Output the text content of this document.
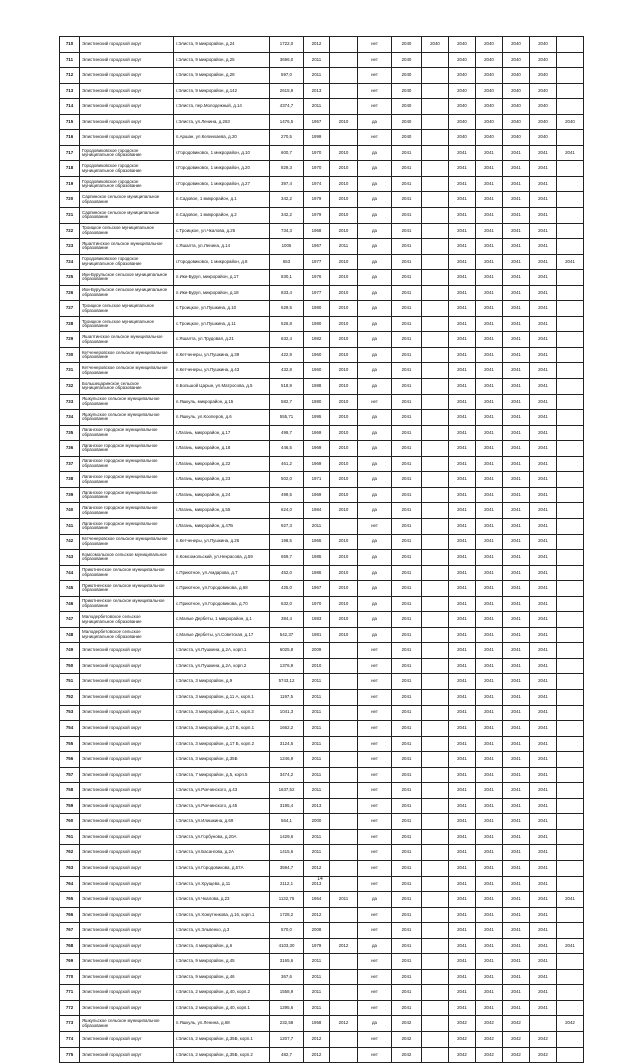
710	Элистинский городской округ	г.Элиста, 9 микрорайон, д.24	1722,0	2012		нет	2040	2040	2040	2040	2040	2040	
711	Элистинский городской округ	г.Элиста, 9 микрорайон, д.25	3696,0	2011		нет	2040		2040	2040	2040	2040	
712	Элистинский городской округ	г.Элиста, 9 микрорайон, д.28	597,0	2011		нет	2040		2040	2040	2040	2040	
713	Элистинский городской округ	г.Элиста, 9 микрорайон, д.142	2615,9	2013		нет	2040		2040	2040	2040	2040	
714	Элистинский городской округ	г.Элиста, пер.Молодежный, д.14	4374,7	2011		нет	2040		2040	2040	2040	2040	
715	Элистинский городской округ	г.Элиста, ул.Ленина, д.263	1476,5	1957	2010	да	2040		2040	2040	2040	2040	2040
716	Элистинский городской округ	п.Аршан, ул.Келинхаева, д.20	270,5	1999		нет	2040		2040	2040	2040	2040	
717	Городовиковское городское муниципальное образование	г.Городовиковск, 1 микрорайон, д.10	600,7	1970	2010	да	2041		2041	2041	2041	2041	2041
718	Городовиковское городское муниципальное образование	г.Городовиковск, 1 микрорайон, д.20	829,3	1970	2010	да	2041		2041	2041	2041	2041	
719	Городовиковское городское муниципальное образование	г.Городовиковск, 1 микрорайон, д.27	397,4	1974	2010	да	2041		2041	2041	2041	2041	
720	Сарпинское сельское муниципальное образование	п.Садовое, 1 микрорайон, д.1	342,2	1979	2010	да	2041		2041	2041	2041	2041	
721	Сарпинское сельское муниципальное образование	п.Садовое, 1 микрорайон, д.2	342,2	1979	2010	да	2041		2041	2041	2041	2041	
722	Троицкое сельское муниципальное образование	с.Троицкое, ул.Чкалова, д.25	734,3	1968	2010	да	2041		2041	2041	2041	2041	
723	Яшалтинское сельское муниципальное образование	с.Яшалта, ул.Ленина, д.14	1005	1967	2011	да	2041		2041	2041	2041	2041	
724	Городовиковское городское муниципальное образование	г.Городовиковск, 1 микрорайон, д.8	653	1977	2010	да	2041		2041	2041	2041	2041	2041
725	Ики-Бурульское сельское муниципальное образование	п.Ики-Бурул, микрорайон, д.17	830,1	1976	2010	да	2041		2041	2041	2041	2041	
726	Ики-Бурульское сельское муниципальное образование	п.Ики-Бурул, микрорайон, д.18	833,4	1977	2010	да	2041		2041	2041	2041	2041	
727	Троицкое сельское муниципальное образование	с.Троицкое, ул.Пушкина, д.10	629,5	1980	2010	да	2041		2041	2041	2041	2041	
728	Троицкое сельское муниципальное образование	с.Троицкое, ул.Пушкина, д.11	526,8	1980	2010	да	2041		2041	2041	2041	2041	
729	Яшалтинское сельское муниципальное образование	с.Яшалта, ул.Трудовая, д.21	632,4	1982	2010	да	2041		2041	2041	2041	2041	
730	Кетченеровское сельское муниципальное образование	п.Кетченеры, ул.Пушкина, д.39	422,9	1960	2010	да	2041		2041	2041	2041	2041	
731	Кетченеровское сельское муниципальное образование	п.Кетченеры, ул.Пушкина, д.43	432,8	1960	2010	да	2041		2041	2041	2041	2041	
732	Большецаринское сельское муниципальное образование	п.Большой Царын, ул.Матросова, д.5	518,9	1988	2010	да	2041		2041	2041	2041	2041	
733	Яшкульское сельское муниципальное образование	п.Яшкуль, микрорайон, д.15	582,7	1980	2010	нет	2041		2041	2041	2041	2041	
734	Яшкульское сельское муниципальное образование	п.Яшкуль, ул.Кооперов, д.6	555,71	1995	2010	да	2041		2041	2041	2041	2041	
735	Лаганское городское муниципальное образование	г.Лагань, микрорайон, д.17	499,7	1969	2010	да	2041		2041	2041	2041	2041	
736	Лаганское городское муниципальное образование	г.Лагань, микрорайон, д.18	446,5	1969	2010	да	2041		2041	2041	2041	2041	
737	Лаганское городское муниципальное образование	г.Лагань, микрорайон, д.22	461,2	1969	2010	да	2041		2041	2041	2041	2041	
738	Лаганское городское муниципальное образование	г.Лагань, микрорайон, д.23	502,0	1971	2010	да	2041		2041	2041	2041	2041	
739	Лаганское городское муниципальное образование	г.Лагань, микрорайон, д.24	499,5	1969	2010	да	2041		2041	2041	2041	2041	
740	Лаганское городское муниципальное образование	г.Лагань, микрорайон, д.55	624,0	1984	2010	да	2041		2041	2041	2041	2041	
741	Лаганское городское муниципальное образование	г.Лагань, микрорайон, д.47Б	927,3	2011		нет	2041		2041	2041	2041	2041	
742	Кетченеровское сельское муниципальное образование	п.Кетченеры, ул.Пушкина, д.26	198,5	1965	2010	да	2041		2041	2041	2041	2041	
743	Комсомольское сельское муниципальное образование	п.Комсомольский, ул.Некрасова, д.59	659,7	1985	2010	да	2041		2041	2041	2041	2041	
744	Приютненское сельское муниципальное образование	с.Приютное, ул.Амдарова, д.7	452,0	1986	2010	да	2041		2041	2041	2041	2041	
745	Приютненское сельское муниципальное образование	с.Приютное, ул.Городовикова, д.68	425,0	1967	2010	да	2041		2041	2041	2041	2041	
746	Приютненское сельское муниципальное образование	с.Приютное, ул.Городовикова, д.70	632,0	1970	2010	да	2041		2041	2041	2041	2041	
747	Малодербетовское сельское муниципальное образование	с.Малые Дербеты, 1 микрорайон, д.1	384,4	1983	2010	да	2041		2041	2041	2041	2041	
748	Малодербетовское сельское муниципальное образование	с.Малые Дербеты, ул.Советская, д.17	542,37	1981	2010	да	2041		2041	2041	2041	2041	
749	Элистинский городской округ	г.Элиста, ул.Пушкина, д.2А, корп.1	6025,8	2009		нет	2041		2041	2041	2041	2041	
750	Элистинский городской округ	г.Элиста, ул.Пушкина, д.2А, корп.2	1376,9	2010		нет	2041		2041	2041	2041	2041	
751	Элистинский городской округ	г.Элиста, 3 микрорайон, д.9	5743,12	2011		нет	2041		2041	2041	2041	2041	
752	Элистинский городской округ	г.Элиста, 3 микрорайон, д.11 А, корп.1	1197,5	2011		нет	2041		2041	2041	2041	2041	
753	Элистинский городской округ	г.Элиста, 3 микрорайон, д.11 А, корп.3	1041,3	2011		нет	2041		2041	2041	2041	2041	
754	Элистинский городской округ	г.Элиста, 3 микрорайон, д.17 Б, корп.1	1662,2	2011		нет	2041		2041	2041	2041	2041	
755	Элистинский городской округ	г.Элиста, 3 микрорайон, д.17 Б, корп.2	3124,5	2011		нет	2041		2041	2041	2041	2041	
756	Элистинский городской округ	г.Элиста, 3 микрорайон, д.35Б	1246,9	2011		нет	2041		2041	2041	2041	2041	
757	Элистинский городской округ	г.Элиста, 7 микрорайон, д.5, корп.5	3474,2	2011		нет	2041		2041	2041	2041	2041	
758	Элистинский городской округ	г.Элиста, ул.Рокчинского, д.43	1637,52	2011		нет	2041		2041	2041	2041	2041	
759	Элистинский городской округ	г.Элиста, ул.Рокчинского, д.45	3195,4	2013		нет	2041		2041	2041	2041	2041	
760	Элистинский городской округ	г.Элиста, ул.Илишкина, д.69	564,1	2000		нет	2041		2041	2041	2041	2041	
761	Элистинский городской округ	г.Элиста, ул.Горбунова, д.20А	1429,6	2011		нет	2041		2041	2041	2041	2041	
762	Элистинский городской округ	г.Элиста, ул.Басангова, д.2А	1415,6	2011		нет	2041		2041	2041	2041	2041	
763	Элистинский городской округ	г.Элиста, ул.Городовикова, д.57А	3594,7	2012		нет	2041		2041	2041	2041	2041	
764	Элистинский городской округ	г.Элиста, ул.Хрущева, д.11	2112,1	2013		нет	2041		2041	2041	2041	2041	
765	Элистинский городской округ	г.Элиста, ул.Чкалова, д.23	1132,75	1964	2011	да	2041		2041	2041	2041	2041	2041
766	Элистинский городской округ	г.Элиста, ул.Хомутникова, д.16, корп.1	1728,2	2012		нет	2041		2041	2041	2041	2041	
767	Элистинский городской округ	г.Элиста, ул.Эльвенко, д.3	570,0	2008		нет	2041		2041	2041	2041	2041	
768	Элистинский городской округ	г.Элиста, 4 микрорайон, д.6	4103,30	1979	2012	да	2041		2041	2041	2041	2041	2041
769	Элистинский городской округ	г.Элиста, 9 микрорайон, д.45	3165,6	2011		нет	2041		2041	2041	2041	2041	
770	Элистинский городской округ	г.Элиста, 9 микрорайон, д.46	367,6	2011		нет	2041		2041	2041	2041	2041	
771	Элистинский городской округ	г.Элиста, 2 микрорайон, д.40, корп.2	1558,9	2011		нет	2041		2041	2041	2041	2041	
772	Элистинский городской округ	г.Элиста, 2 микрорайон, д.40, корп.1	1295,6	2011		нет	2041		2041	2041	2041	2041	
773	Яшкульское сельское муниципальное образование	п.Яшкуль, ул.Ленина, д.68	232,58	1958	2012	да	2042		2042	2042	2042		2042
774	Элистинский городской округ	г.Элиста, 2 микрорайон, д.35Б, корп.1	1207,7	2012		нет	2042		2042	2042	2042	2042	
775	Элистинский городской округ	г.Элиста, 2 микрорайон, д.35Б, корп.2	482,7	2012		нет	2042		2042	2042	2042	2042	
14
